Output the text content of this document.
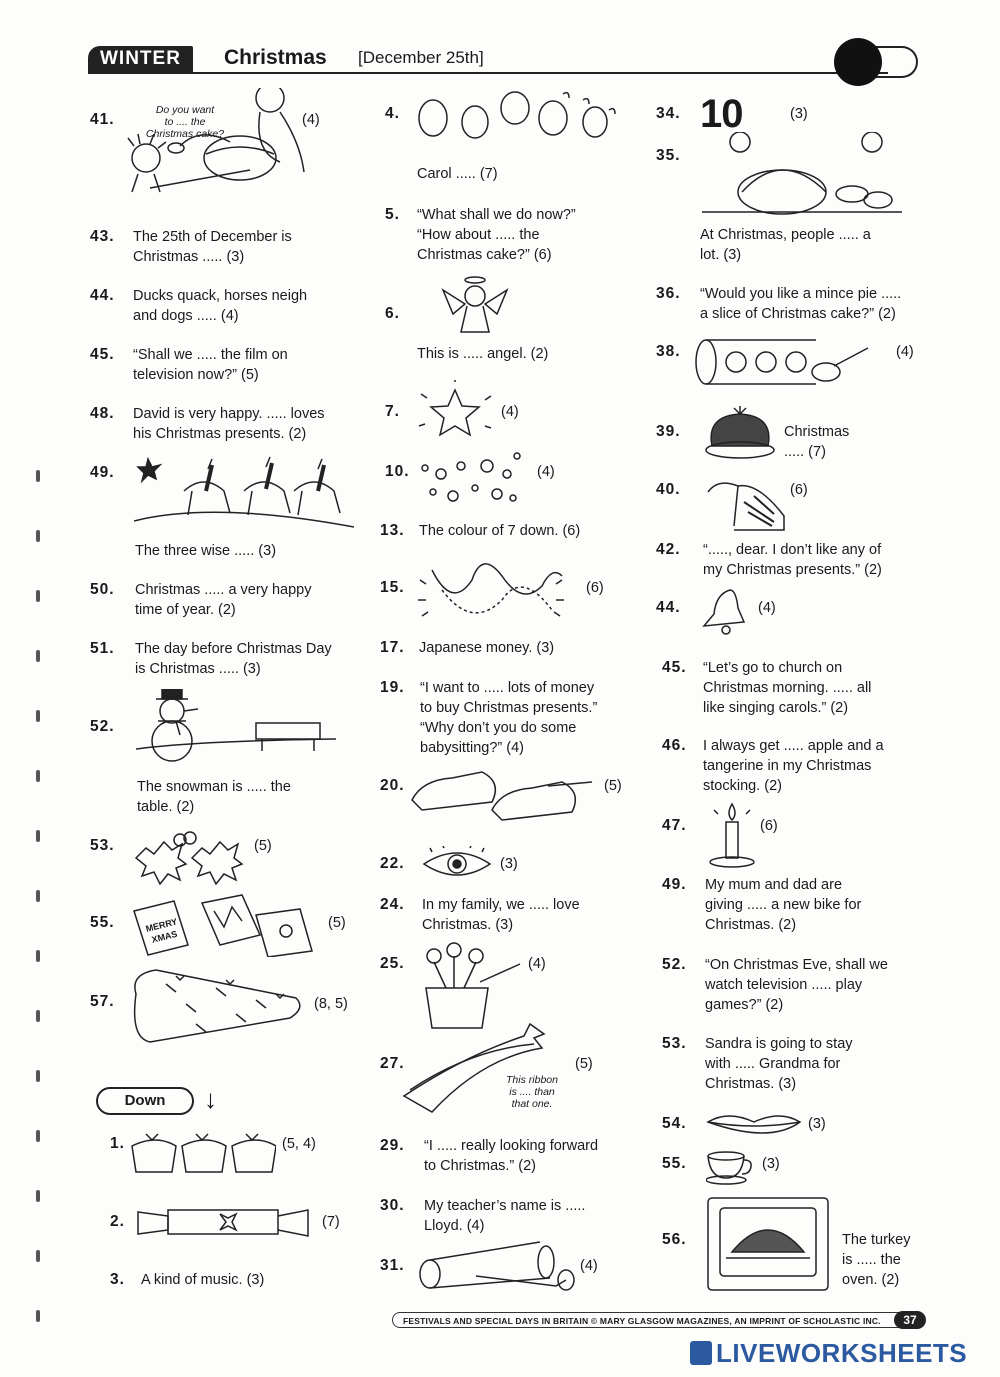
WINTER	Christmas [December 25th]
41.
Do you want
to .... the
Christmas cake?
(4)
43. The 25th of December is
Christmas ..... (3)
44. Ducks quack, horses neigh
and dogs ..... (4)
45. “Shall we ..... the film on
television now?” (5)
48. David is very happy. ..... loves
his Christmas presents. (2)
49.
The three wise ..... (3)
50. Christmas ..... a very happy
time of year. (2)
51. The day before Christmas Day
is Christmas ..... (3)
52.
The snowman is ..... the
table. (2)
53.	(5)
55.	MERRY XMAS
(5)
57.	(8, 5)
Down	↓
1.	(5, 4)
2.	(7)
3. A kind of music. (3)
4.
Carol ..... (7)
5. “What shall we do now?”
“How about ..... the
Christmas cake?” (6)
6.
This is ..... angel. (2)
7.	(4)
10.	(4)
13. The colour of 7 down. (6)
15.	(6)
17. Japanese money. (3)
19. “I want to ..... lots of money
to buy Christmas presents.”
“Why don’t you do some
babysitting?” (4)
20.	(5)
22.	(3)
24. In my family, we ..... love
Christmas. (3)
25.	(4)
27.
This ribbon
is .... than
that one.
(5)
29. “I ..... really looking forward
to Christmas.” (2)
30. My teacher’s name is .....
Lloyd. (4)
31.	(4)
34.	(3)
10
35.
At Christmas, people ..... a
lot. (3)
36. “Would you like a mince pie .....
a slice of Christmas cake?” (2)
38.	(4)
39.	Christmas
..... (7)
40.	(6)
42. “....., dear. I don’t like any of
my Christmas presents.” (2)
44.	(4)
45. “Let’s go to church on
Christmas morning. ..... all
like singing carols.” (2)
46. I always get ..... apple and a
tangerine in my Christmas
stocking. (2)
47.	(6)
49. My mum and dad are
giving ..... a new bike for
Christmas. (2)
52. “On Christmas Eve, shall we
watch television ..... play
games?” (2)
53. Sandra is going to stay
with ..... Grandma for
Christmas. (3)
54.	(3)
55.	(3)
56.	The turkey
is ..... the
oven. (2)
FESTIVALS AND SPECIAL DAYS IN BRITAIN © MARY GLASGOW MAGAZINES, AN IMPRINT OF SCHOLASTIC INC.	37
LIVEWORKSHEETS
